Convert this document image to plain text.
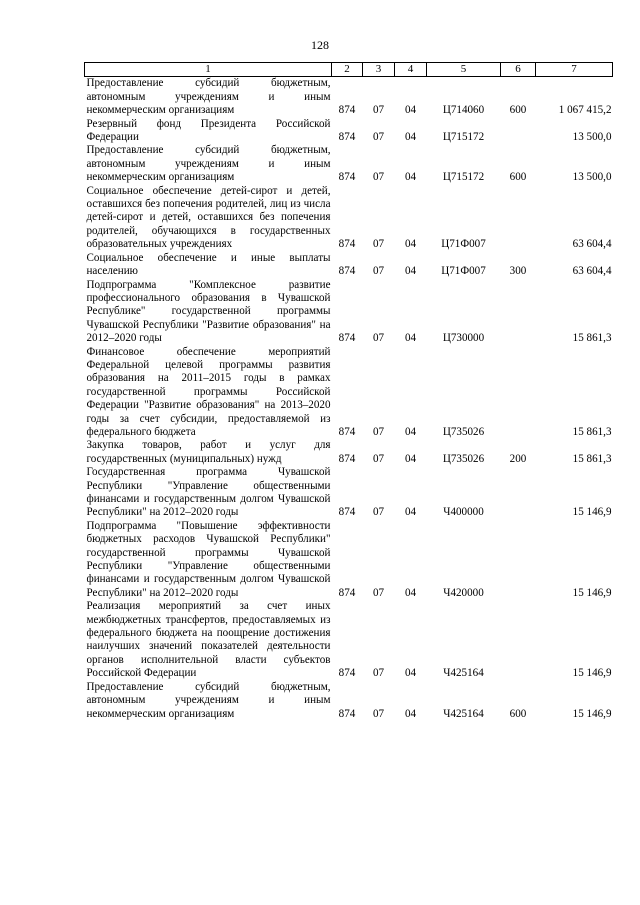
128
1	2	3	4	5	6	7
Предоставление субсидий бюджетным, автономным учреждениям и иным некоммерческим организациям	874	07	04	Ц714060	600	1 067 415,2
Резервный фонд Президента Российской Федерации	874	07	04	Ц715172		13 500,0
Предоставление субсидий бюджетным, автономным учреждениям и иным некоммерческим организациям	874	07	04	Ц715172	600	13 500,0
Социальное обеспечение детей-сирот и детей, оставшихся без попечения родителей, лиц из числа детей-сирот и детей, оставшихся без попечения родителей, обучающихся в государственных образовательных учреждениях	874	07	04	Ц71Ф007		63 604,4
Социальное обеспечение и иные выплаты населению	874	07	04	Ц71Ф007	300	63 604,4
Подпрограмма "Комплексное развитие профессионального образования в Чувашской Республике" государственной программы Чувашской Республики "Развитие образования" на 2012–2020 годы	874	07	04	Ц730000		15 861,3
Финансовое обеспечение мероприятий Федеральной целевой программы развития образования на 2011–2015 годы в рамках государственной программы Российской Федерации "Развитие образования" на 2013–2020 годы за счет субсидии, предоставляемой из федерального бюджета	874	07	04	Ц735026		15 861,3
Закупка товаров, работ и услуг для государственных (муниципальных) нужд	874	07	04	Ц735026	200	15 861,3
Государственная программа Чувашской Республики "Управление общественными финансами и государственным долгом Чувашской Республики" на 2012–2020 годы	874	07	04	Ч400000		15 146,9
Подпрограмма "Повышение эффективности бюджетных расходов Чувашской Республики" государственной программы Чувашской Республики "Управление общественными финансами и государственным долгом Чувашской Республики" на 2012–2020 годы	874	07	04	Ч420000		15 146,9
Реализация мероприятий за счет иных межбюджетных трансфертов, предоставляемых из федерального бюджета на поощрение достижения наилучших значений показателей деятельности органов исполнительной власти субъектов Российской Федерации	874	07	04	Ч425164		15 146,9
Предоставление субсидий бюджетным, автономным учреждениям и иным некоммерческим организациям	874	07	04	Ч425164	600	15 146,9
